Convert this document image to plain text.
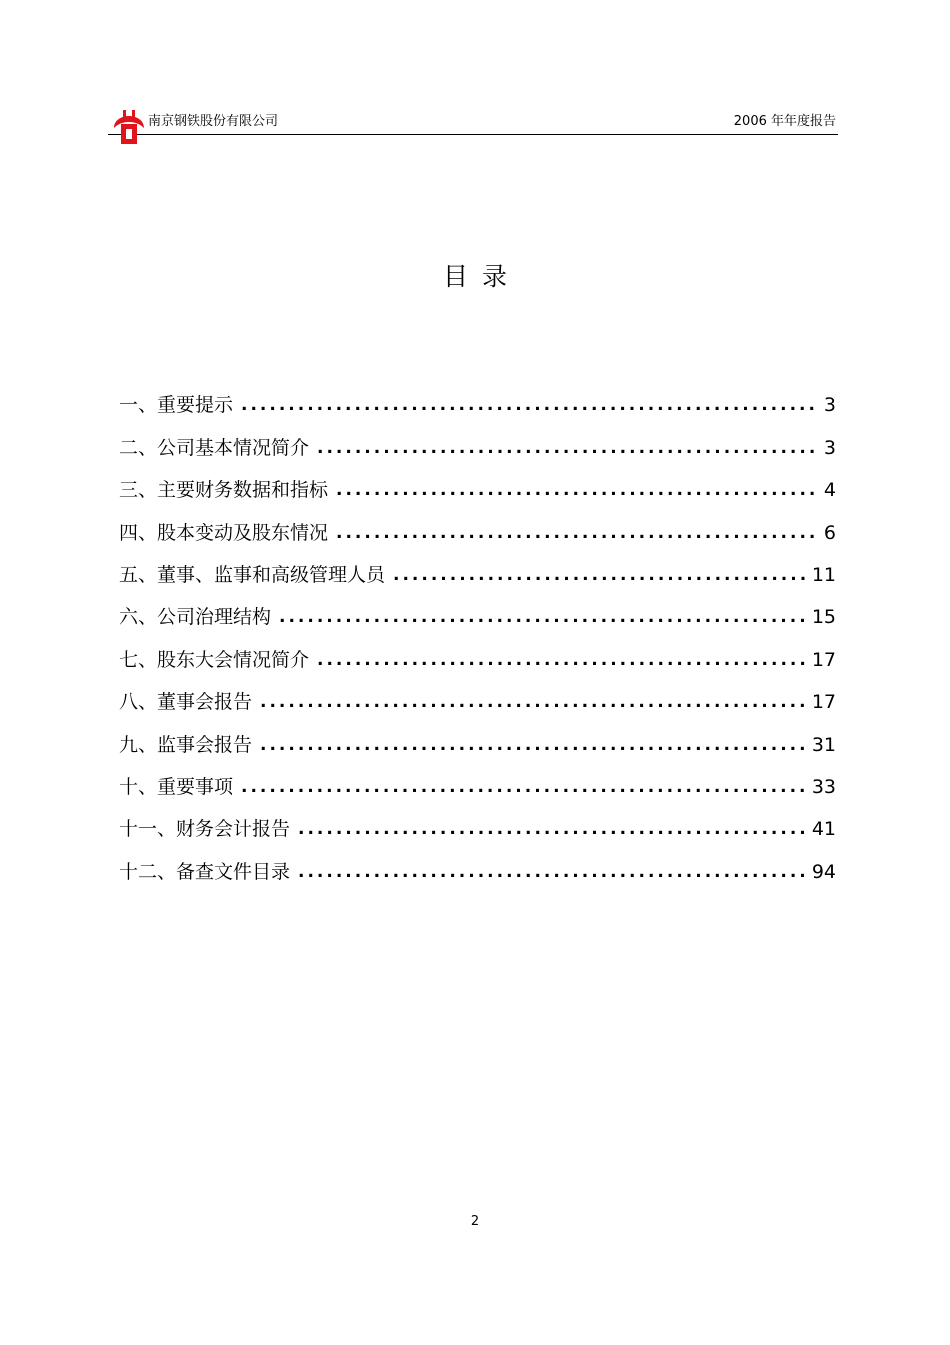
南京钢铁股份有限公司	2006 年年度报告
目录
一、重要提示 .....	3
二、公司基本情况简介 .....	3
三、主要财务数据和指标 .....	4
四、股本变动及股东情况 .....	6
五、董事、监事和高级管理人员 .....	11
六、公司治理结构 .....	15
七、股东大会情况简介 .....	17
八、董事会报告 .....	17
九、监事会报告 .....	31
十、重要事项 .....	33
十一、财务会计报告 .....	41
十二、备查文件目录 .....	94
2
